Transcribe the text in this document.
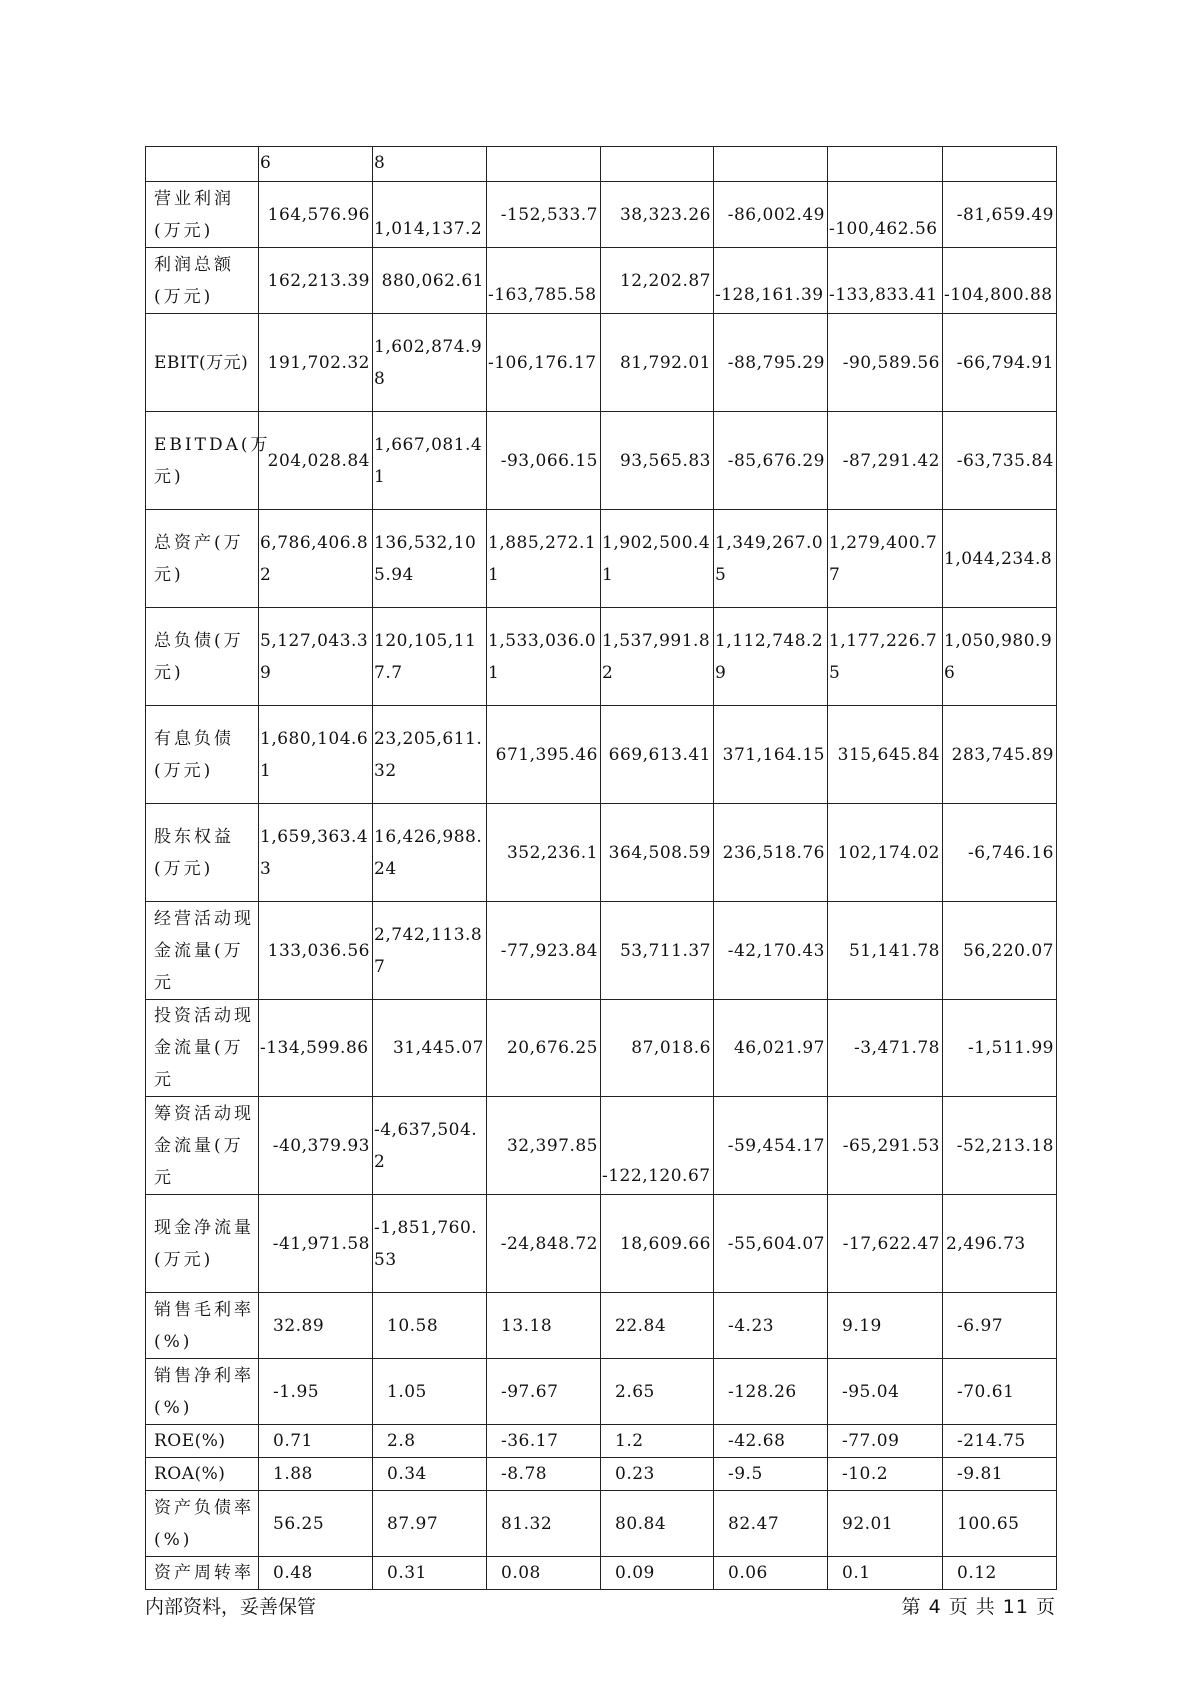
	6	8					

营业利润(万元)	164,576.96	1,014,137.2	-152,533.7	38,323.26	-86,002.49	-100,462.56	-81,659.49
利润总额(万元)	162,213.39	880,062.61	-163,785.58	12,202.87	-128,161.39	-133,833.41	-104,800.88

EBIT(万元)	191,702.32	1,602,874.98	-106,176.17	81,792.01	-88,795.29	-90,589.56	-66,794.91
EBITDA(万元)	204,028.84	1,667,081.41	-93,066.15	93,565.83	-85,676.29	-87,291.42	-63,735.84
总资产(万元)	6,786,406.82	136,532,105.94	1,885,272.11	1,902,500.41	1,349,267.05	1,279,400.77	1,044,234.8
总负债(万元)	5,127,043.39	120,105,117.7	1,533,036.01	1,537,991.82	1,112,748.29	1,177,226.75	1,050,980.96
有息负债(万元)	1,680,104.61	23,205,611.32	671,395.46	669,613.41	371,164.15	315,645.84	283,745.89
股东权益(万元)	1,659,363.43	16,426,988.24	352,236.1	364,508.59	236,518.76	102,174.02	-6,746.16
经营活动现金流量(万元	133,036.56	2,742,113.87	-77,923.84	53,711.37	-42,170.43	51,141.78	56,220.07
投资活动现金流量(万元	-134,599.86	31,445.07	20,676.25	87,018.6	46,021.97	-3,471.78	-1,511.99
筹资活动现金流量(万元	-40,379.93	-4,637,504.2	32,397.85	-122,120.67	-59,454.17	-65,291.53	-52,213.18
现金净流量(万元)	-41,971.58	-1,851,760.53	-24,848.72	18,609.66	-55,604.07	-17,622.47	2,496.73
销售毛利率(%)	32.89	10.58	13.18	22.84	-4.23	9.19	-6.97
销售净利率(%)	-1.95	1.05	-97.67	2.65	-128.26	-95.04	-70.61
ROE(%)	0.71	2.8	-36.17	1.2	-42.68	-77.09	-214.75
ROA(%)	1.88	0.34	-8.78	0.23	-9.5	-10.2	-9.81
资产负债率(%)	56.25	87.97	81.32	80.84	82.47	92.01	100.65
资产周转率	0.48	0.31	0.08	0.09	0.06	0.1	0.12
内部资料，妥善保管	第 4 页 共 11 页
